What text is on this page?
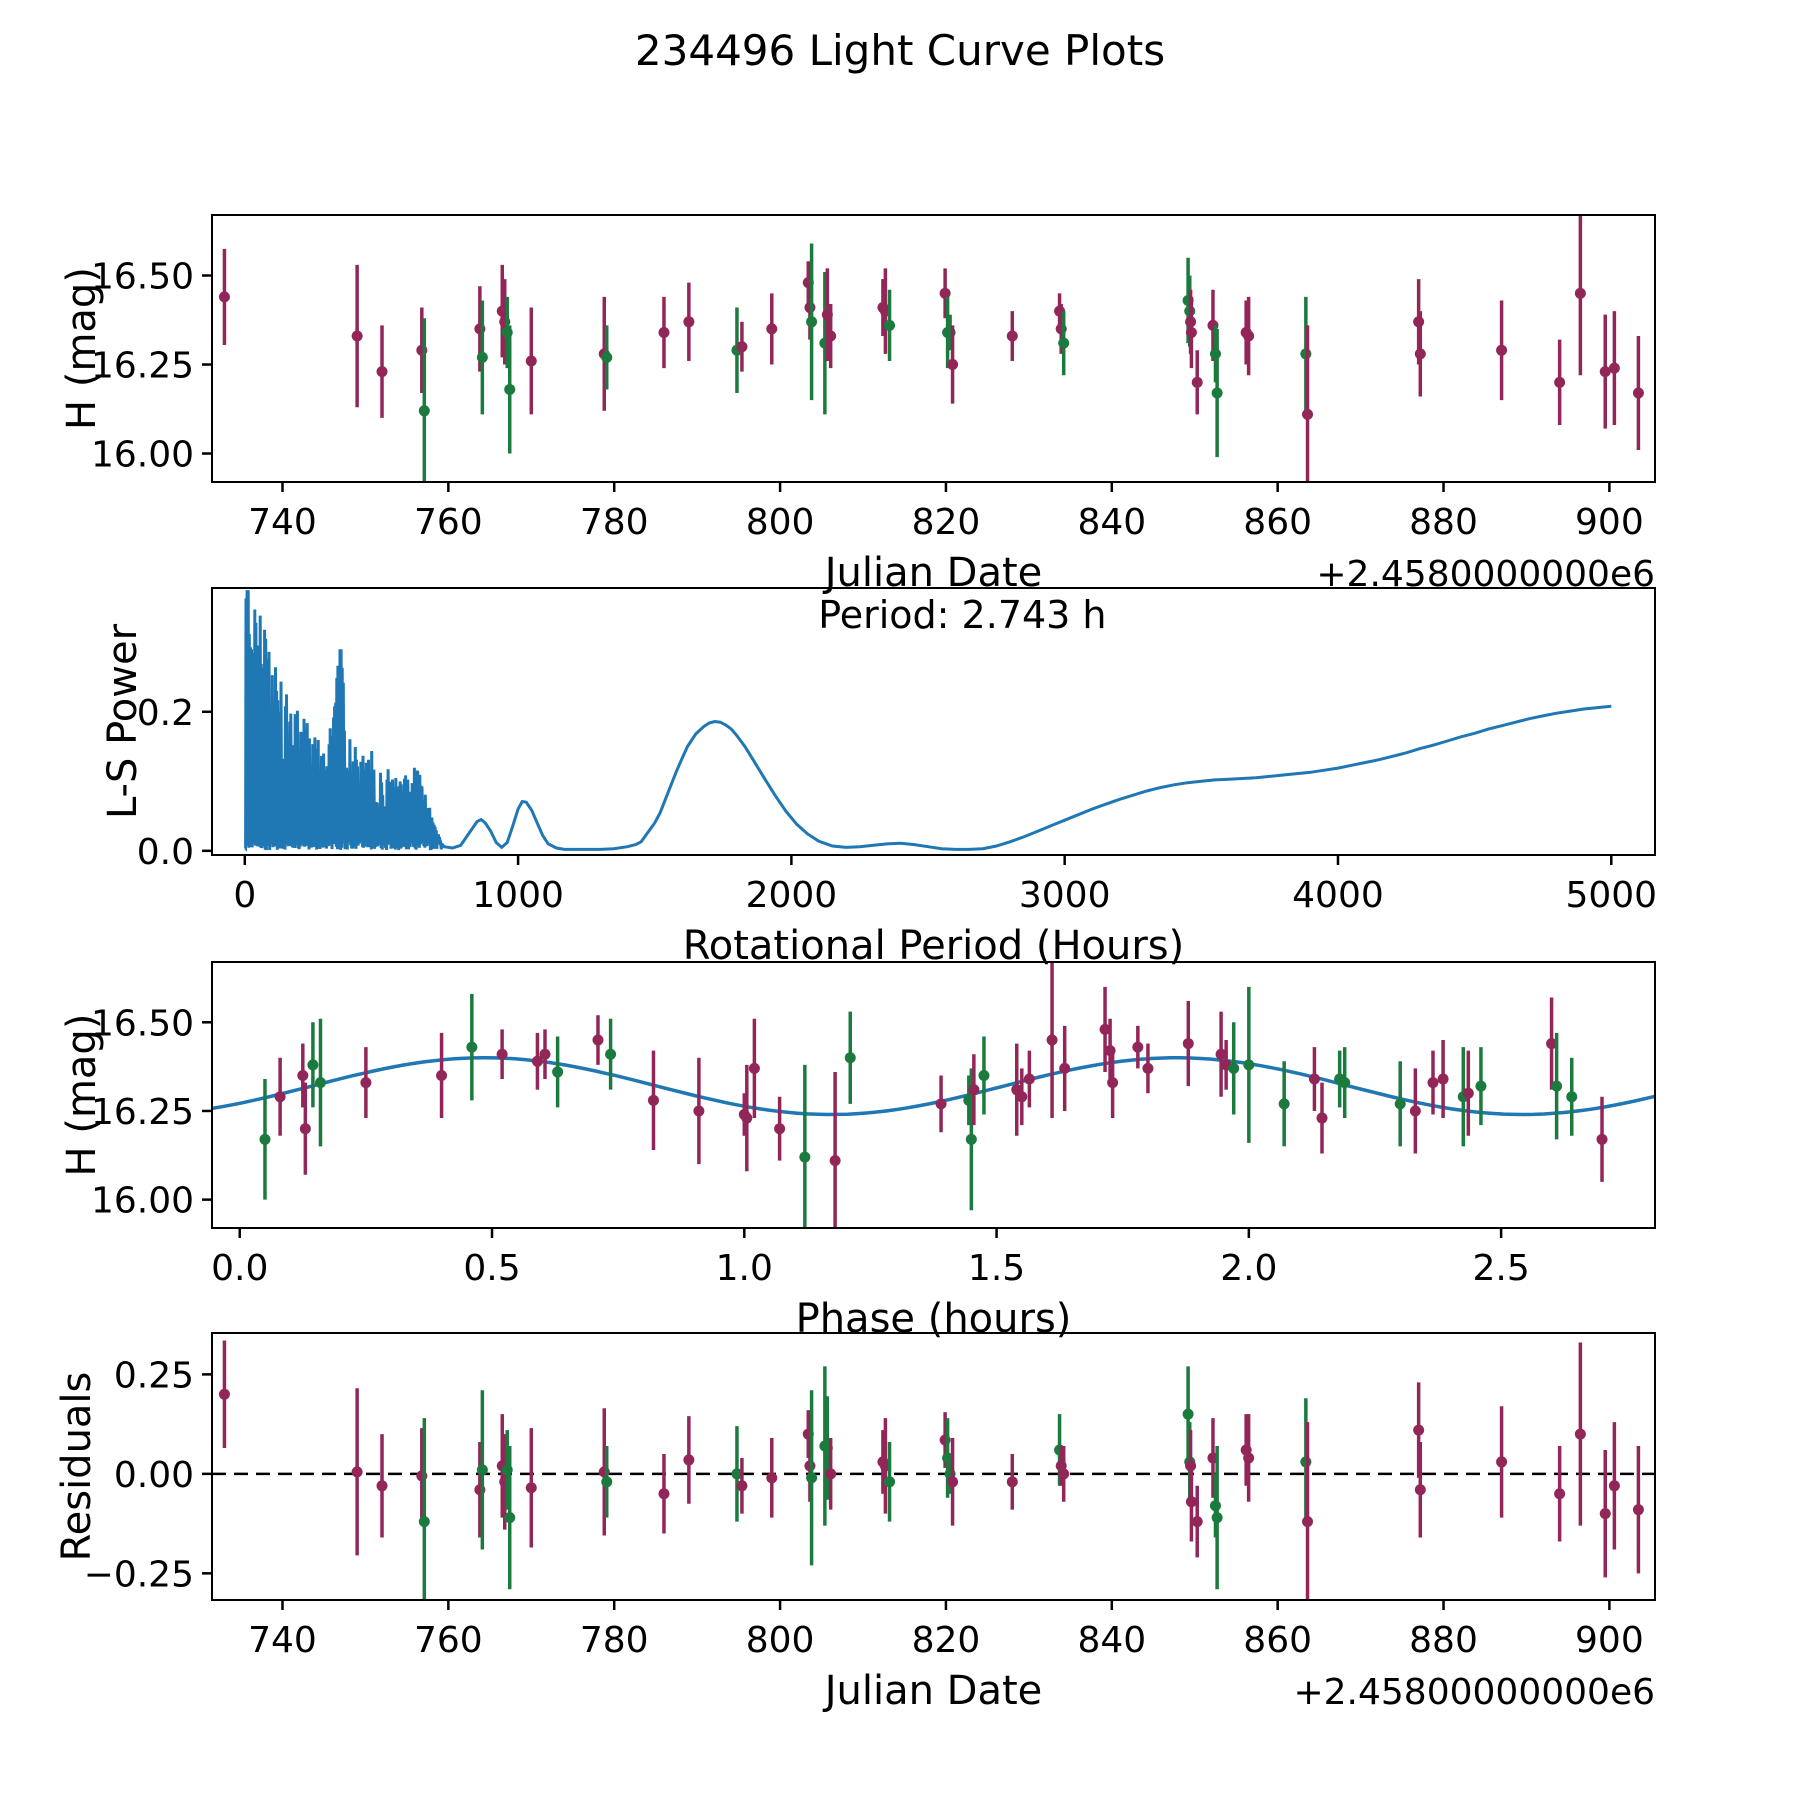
234496 Light Curve Plots
740	760	780	800	820	840	860	880	900
16.00
16.25
16.50
Julian Date	+2.4580000000e6
H (mag)
0	1000	2000	3000	4000	5000
0.0
0.2
Rotational Period (Hours)
L-S Power
Period: 2.743 h
0.0	0.5	1.0	1.5	2.0	2.5
16.00
16.25
16.50
Phase (hours)
H (mag)
740	760	780	800	820	840	860	880	900
0.25
0.00
−0.25
Julian Date	+2.45800000000e6
Residuals
